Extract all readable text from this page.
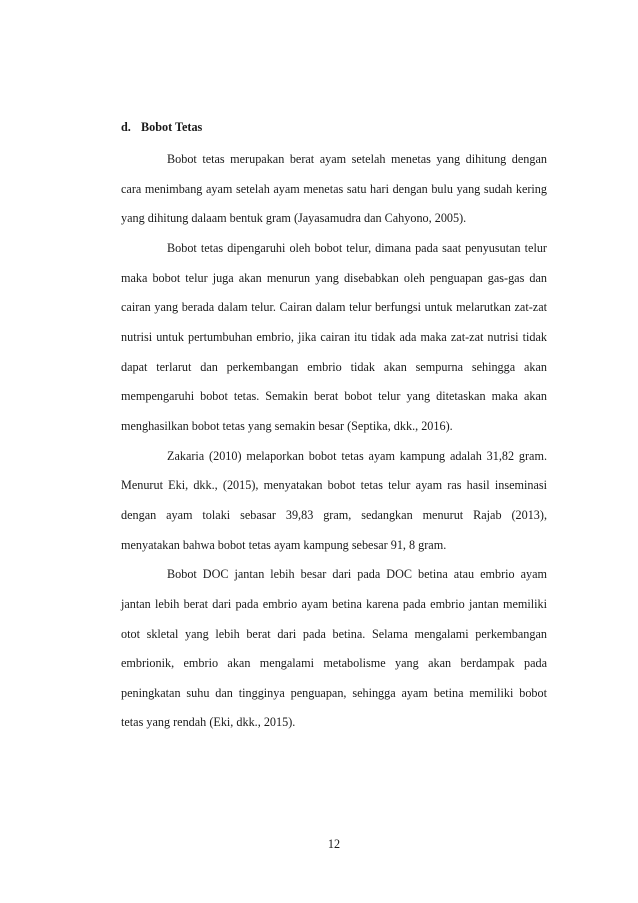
d. Bobot Tetas

Bobot tetas merupakan berat ayam setelah menetas yang dihitung dengan cara menimbang ayam setelah ayam menetas satu hari dengan bulu yang sudah kering yang dihitung dalaam bentuk gram (Jayasamudra dan Cahyono, 2005).

Bobot tetas dipengaruhi oleh bobot telur, dimana pada saat penyusutan telur maka bobot telur juga akan menurun yang disebabkan oleh penguapan gas-gas dan cairan yang berada dalam telur. Cairan dalam telur berfungsi untuk melarutkan zat-zat nutrisi untuk pertumbuhan embrio, jika cairan itu tidak ada maka zat-zat nutrisi tidak dapat terlarut dan perkembangan embrio tidak akan sempurna sehingga akan mempengaruhi bobot tetas. Semakin berat bobot telur yang ditetaskan maka akan menghasilkan bobot tetas yang semakin besar (Septika, dkk., 2016).

Zakaria (2010) melaporkan bobot tetas ayam kampung adalah 31,82 gram. Menurut Eki, dkk., (2015), menyatakan bobot tetas telur ayam ras hasil inseminasi dengan ayam tolaki sebasar 39,83 gram, sedangkan menurut Rajab (2013), menyatakan bahwa bobot tetas ayam kampung sebesar 91, 8 gram.

Bobot DOC jantan lebih besar dari pada DOC betina atau embrio ayam jantan lebih berat dari pada embrio ayam betina karena pada embrio jantan memiliki otot skletal yang lebih berat dari pada betina. Selama mengalami perkembangan embrionik, embrio akan mengalami metabolisme yang akan berdampak pada peningkatan suhu dan tingginya penguapan, sehingga ayam betina memiliki bobot tetas yang rendah (Eki, dkk., 2015).

12
